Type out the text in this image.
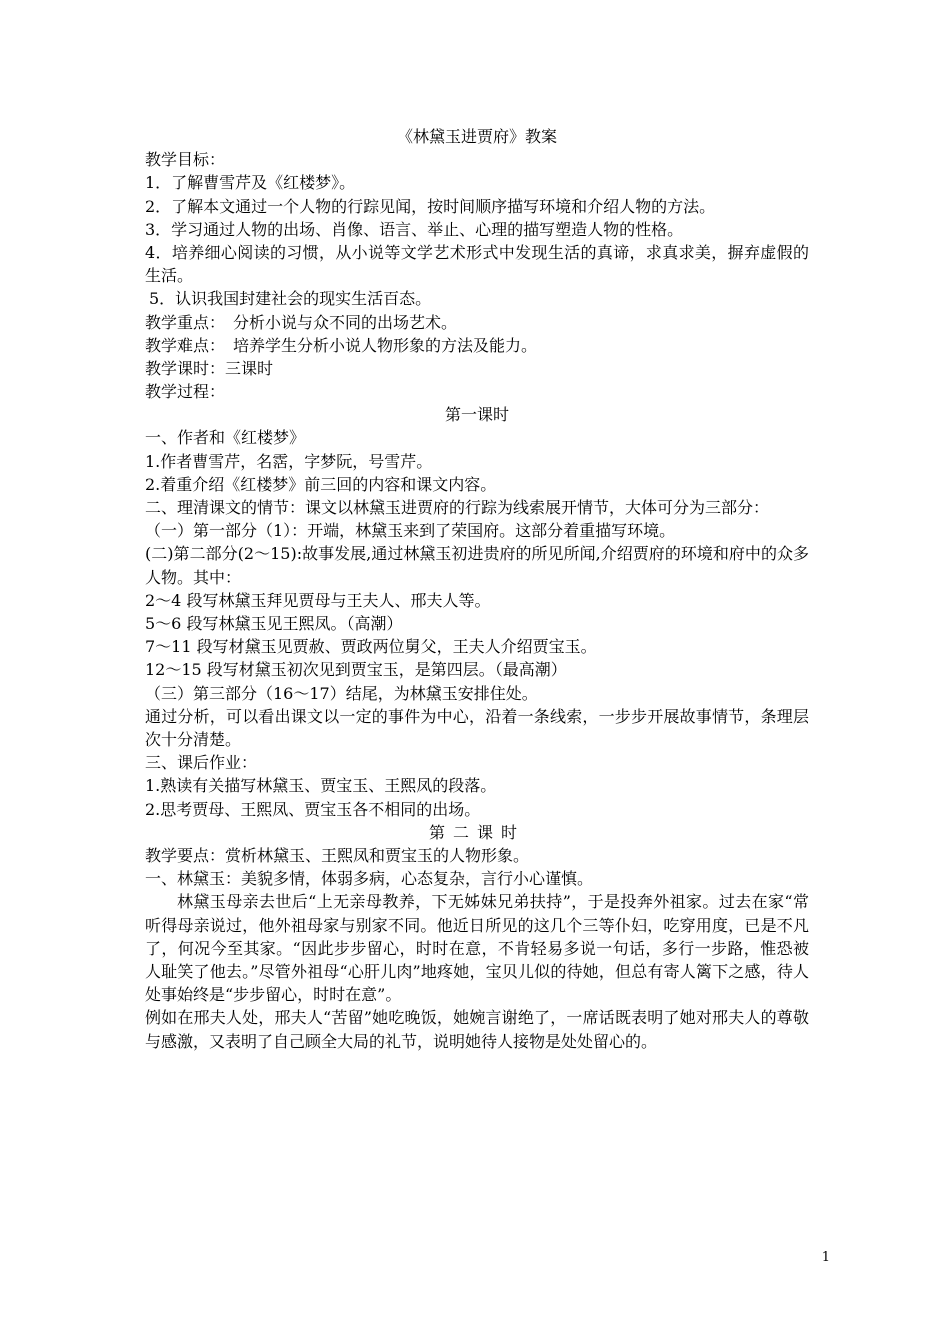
《林黛玉进贾府》教案
教学目标：
1．了解曹雪芹及《红楼梦》。
2．了解本文通过一个人物的行踪见闻，按时间顺序描写环境和介绍人物的方法。
3．学习通过人物的出场、肖像、语言、举止、心理的描写塑造人物的性格。
4．培养细心阅读的习惯，从小说等文学艺术形式中发现生活的真谛，求真求美，摒弃虚假的生活。
5．认识我国封建社会的现实生活百态。
教学重点：　分析小说与众不同的出场艺术。
教学难点：　培养学生分析小说人物形象的方法及能力。
教学课时：三课时
教学过程：
第一课时
一、作者和《红楼梦》
1.作者曹雪芹，名霑，字梦阮，号雪芹。
2.着重介绍《红楼梦》前三回的内容和课文内容。
二、理清课文的情节：课文以林黛玉进贾府的行踪为线索展开情节，大体可分为三部分：
（一）第一部分（1）：开端，林黛玉来到了荣国府。这部分着重描写环境。
(二)第二部分(2～15):故事发展,通过林黛玉初进贵府的所见所闻,介绍贾府的环境和府中的众多人物。其中：
2～4 段写林黛玉拜见贾母与王夫人、邢夫人等。
5～6 段写林黛玉见王熙凤。（高潮）
7～11 段写材黛玉见贾赦、贾政两位舅父，王夫人介绍贾宝玉。
12～15 段写材黛玉初次见到贾宝玉，是第四层。（最高潮）
（三）第三部分（16～17）结尾，为林黛玉安排住处。
通过分析，可以看出课文以一定的事件为中心，沿着一条线索，一步步开展故事情节，条理层次十分清楚。
三、课后作业：
1.熟读有关描写林黛玉、贾宝玉、王熙凤的段落。
2.思考贾母、王熙凤、贾宝玉各不相同的出场。
第二课时
教学要点：赏析林黛玉、王熙凤和贾宝玉的人物形象。
一、林黛玉：美貌多情，体弱多病，心态复杂，言行小心谨慎。
林黛玉母亲去世后“上无亲母教养，下无姊妹兄弟扶持”，于是投奔外祖家。过去在家“常听得母亲说过，他外祖母家与别家不同。他近日所见的这几个三等仆妇，吃穿用度，已是不凡了，何况今至其家。“因此步步留心，时时在意，不肯轻易多说一句话，多行一步路，惟恐被人耻笑了他去。”尽管外祖母“心肝儿肉”地疼她，宝贝儿似的待她，但总有寄人篱下之感，待人处事始终是“步步留心，时时在意”。
例如在邢夫人处，邢夫人“苦留”她吃晚饭，她婉言谢绝了，一席话既表明了她对邢夫人的尊敬与感激，又表明了自己顾全大局的礼节，说明她待人接物是处处留心的。
1
